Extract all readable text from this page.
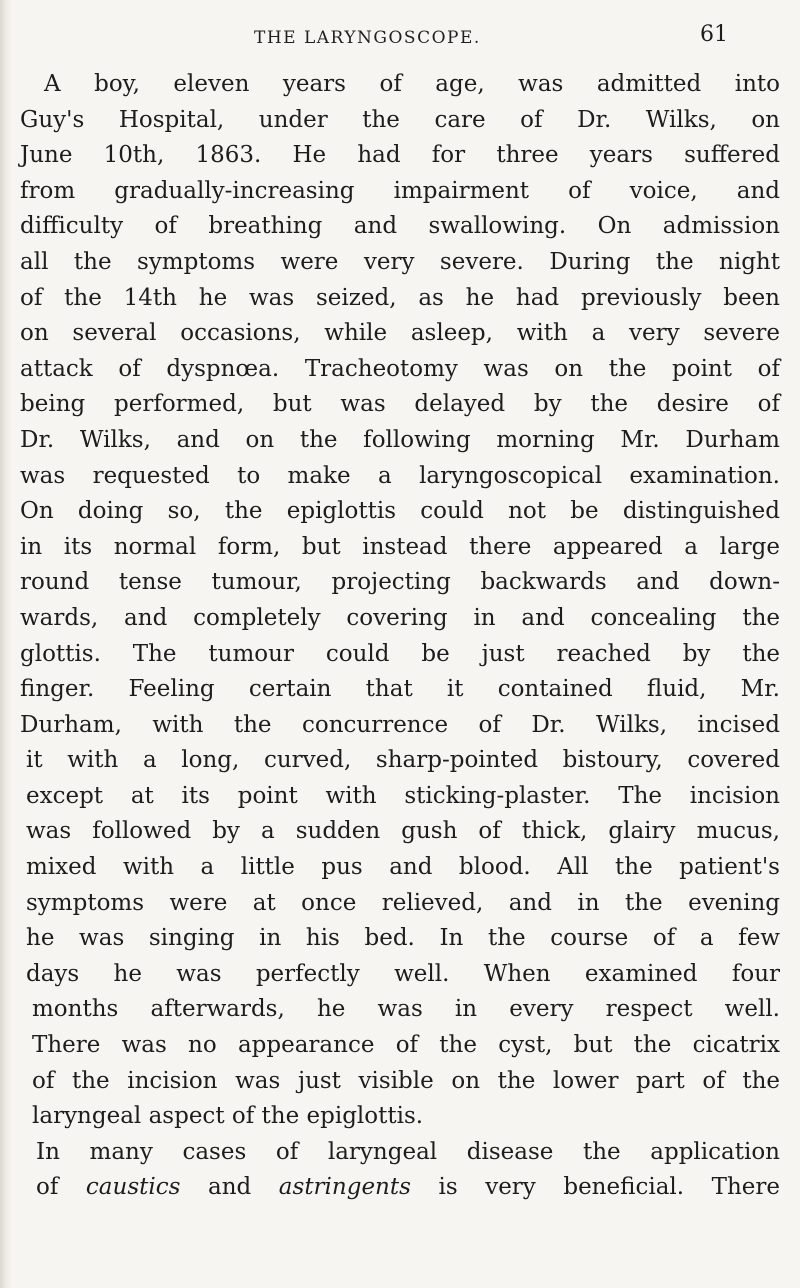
THE LARYNGOSCOPE.	61
A boy, eleven years of age, was admitted into
Guy's Hospital, under the care of Dr. Wilks, on
June 10th, 1863. He had for three years suffered
from gradually-increasing impairment of voice, and
difficulty of breathing and swallowing. On admission
all the symptoms were very severe. During the night
of the 14th he was seized, as he had previously been
on several occasions, while asleep, with a very severe
attack of dyspnœa. Tracheotomy was on the point of
being performed, but was delayed by the desire of
Dr. Wilks, and on the following morning Mr. Durham
was requested to make a laryngoscopical examination.
On doing so, the epiglottis could not be distinguished
in its normal form, but instead there appeared a large
round tense tumour, projecting backwards and down-
wards, and completely covering in and concealing the
glottis. The tumour could be just reached by the
finger. Feeling certain that it contained fluid, Mr.
Durham, with the concurrence of Dr. Wilks, incised
it with a long, curved, sharp-pointed bistoury, covered
except at its point with sticking-plaster. The incision
was followed by a sudden gush of thick, glairy mucus,
mixed with a little pus and blood. All the patient's
symptoms were at once relieved, and in the evening
he was singing in his bed. In the course of a few
days he was perfectly well. When examined four
months afterwards, he was in every respect well.
There was no appearance of the cyst, but the cicatrix
of the incision was just visible on the lower part of the
laryngeal aspect of the epiglottis.
In many cases of laryngeal disease the application
of caustics and astringents is very beneficial. There
